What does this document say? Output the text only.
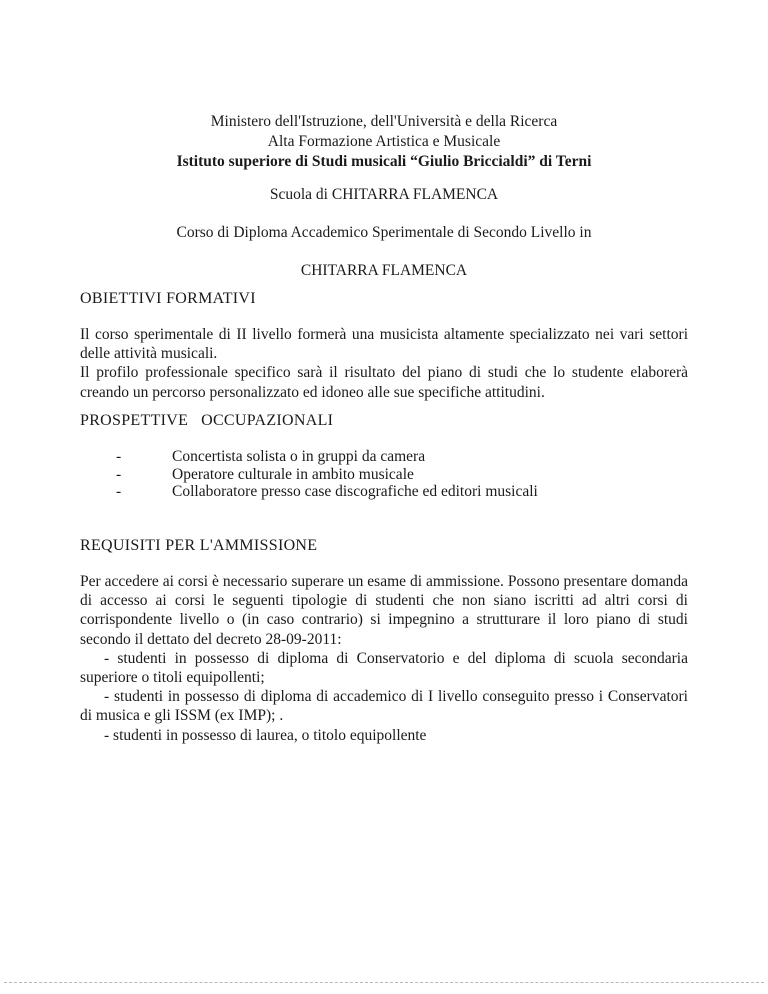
Ministero dell'Istruzione, dell'Università e della Ricerca
Alta Formazione Artistica e Musicale
Istituto superiore di Studi musicali “Giulio Briccialdi” di Terni
Scuola di CHITARRA FLAMENCA
Corso di Diploma Accademico Sperimentale di Secondo Livello in
CHITARRA FLAMENCA
OBIETTIVI FORMATIVI

Il corso sperimentale di II livello formerà una musicista altamente specializzato nei vari settori delle attività musicali.

Il profilo professionale specifico sarà il risultato del piano di studi che lo studente elaborerà creando un percorso personalizzato ed idoneo alle sue specifiche attitudini.

PROSPETTIVE   OCCUPAZIONALI
-	Concertista solista o in gruppi da camera
-	Operatore culturale in ambito musicale
-	Collaboratore presso case discografiche ed editori musicali
REQUISITI PER L'AMMISSIONE

Per accedere ai corsi è necessario superare un esame di ammissione. Possono presentare domanda di accesso ai corsi le seguenti tipologie di studenti che non siano iscritti ad altri corsi di corrispondente livello o (in caso contrario) si impegnino a strutturare il loro piano di studi secondo il dettato del decreto 28-09-2011:

- studenti in possesso di diploma di Conservatorio e del diploma di scuola secondaria superiore o titoli equipollenti;

- studenti in possesso di diploma di accademico di I livello conseguito presso i Conservatori di musica e gli ISSM (ex IMP); .

- studenti in possesso di laurea, o titolo equipollente
